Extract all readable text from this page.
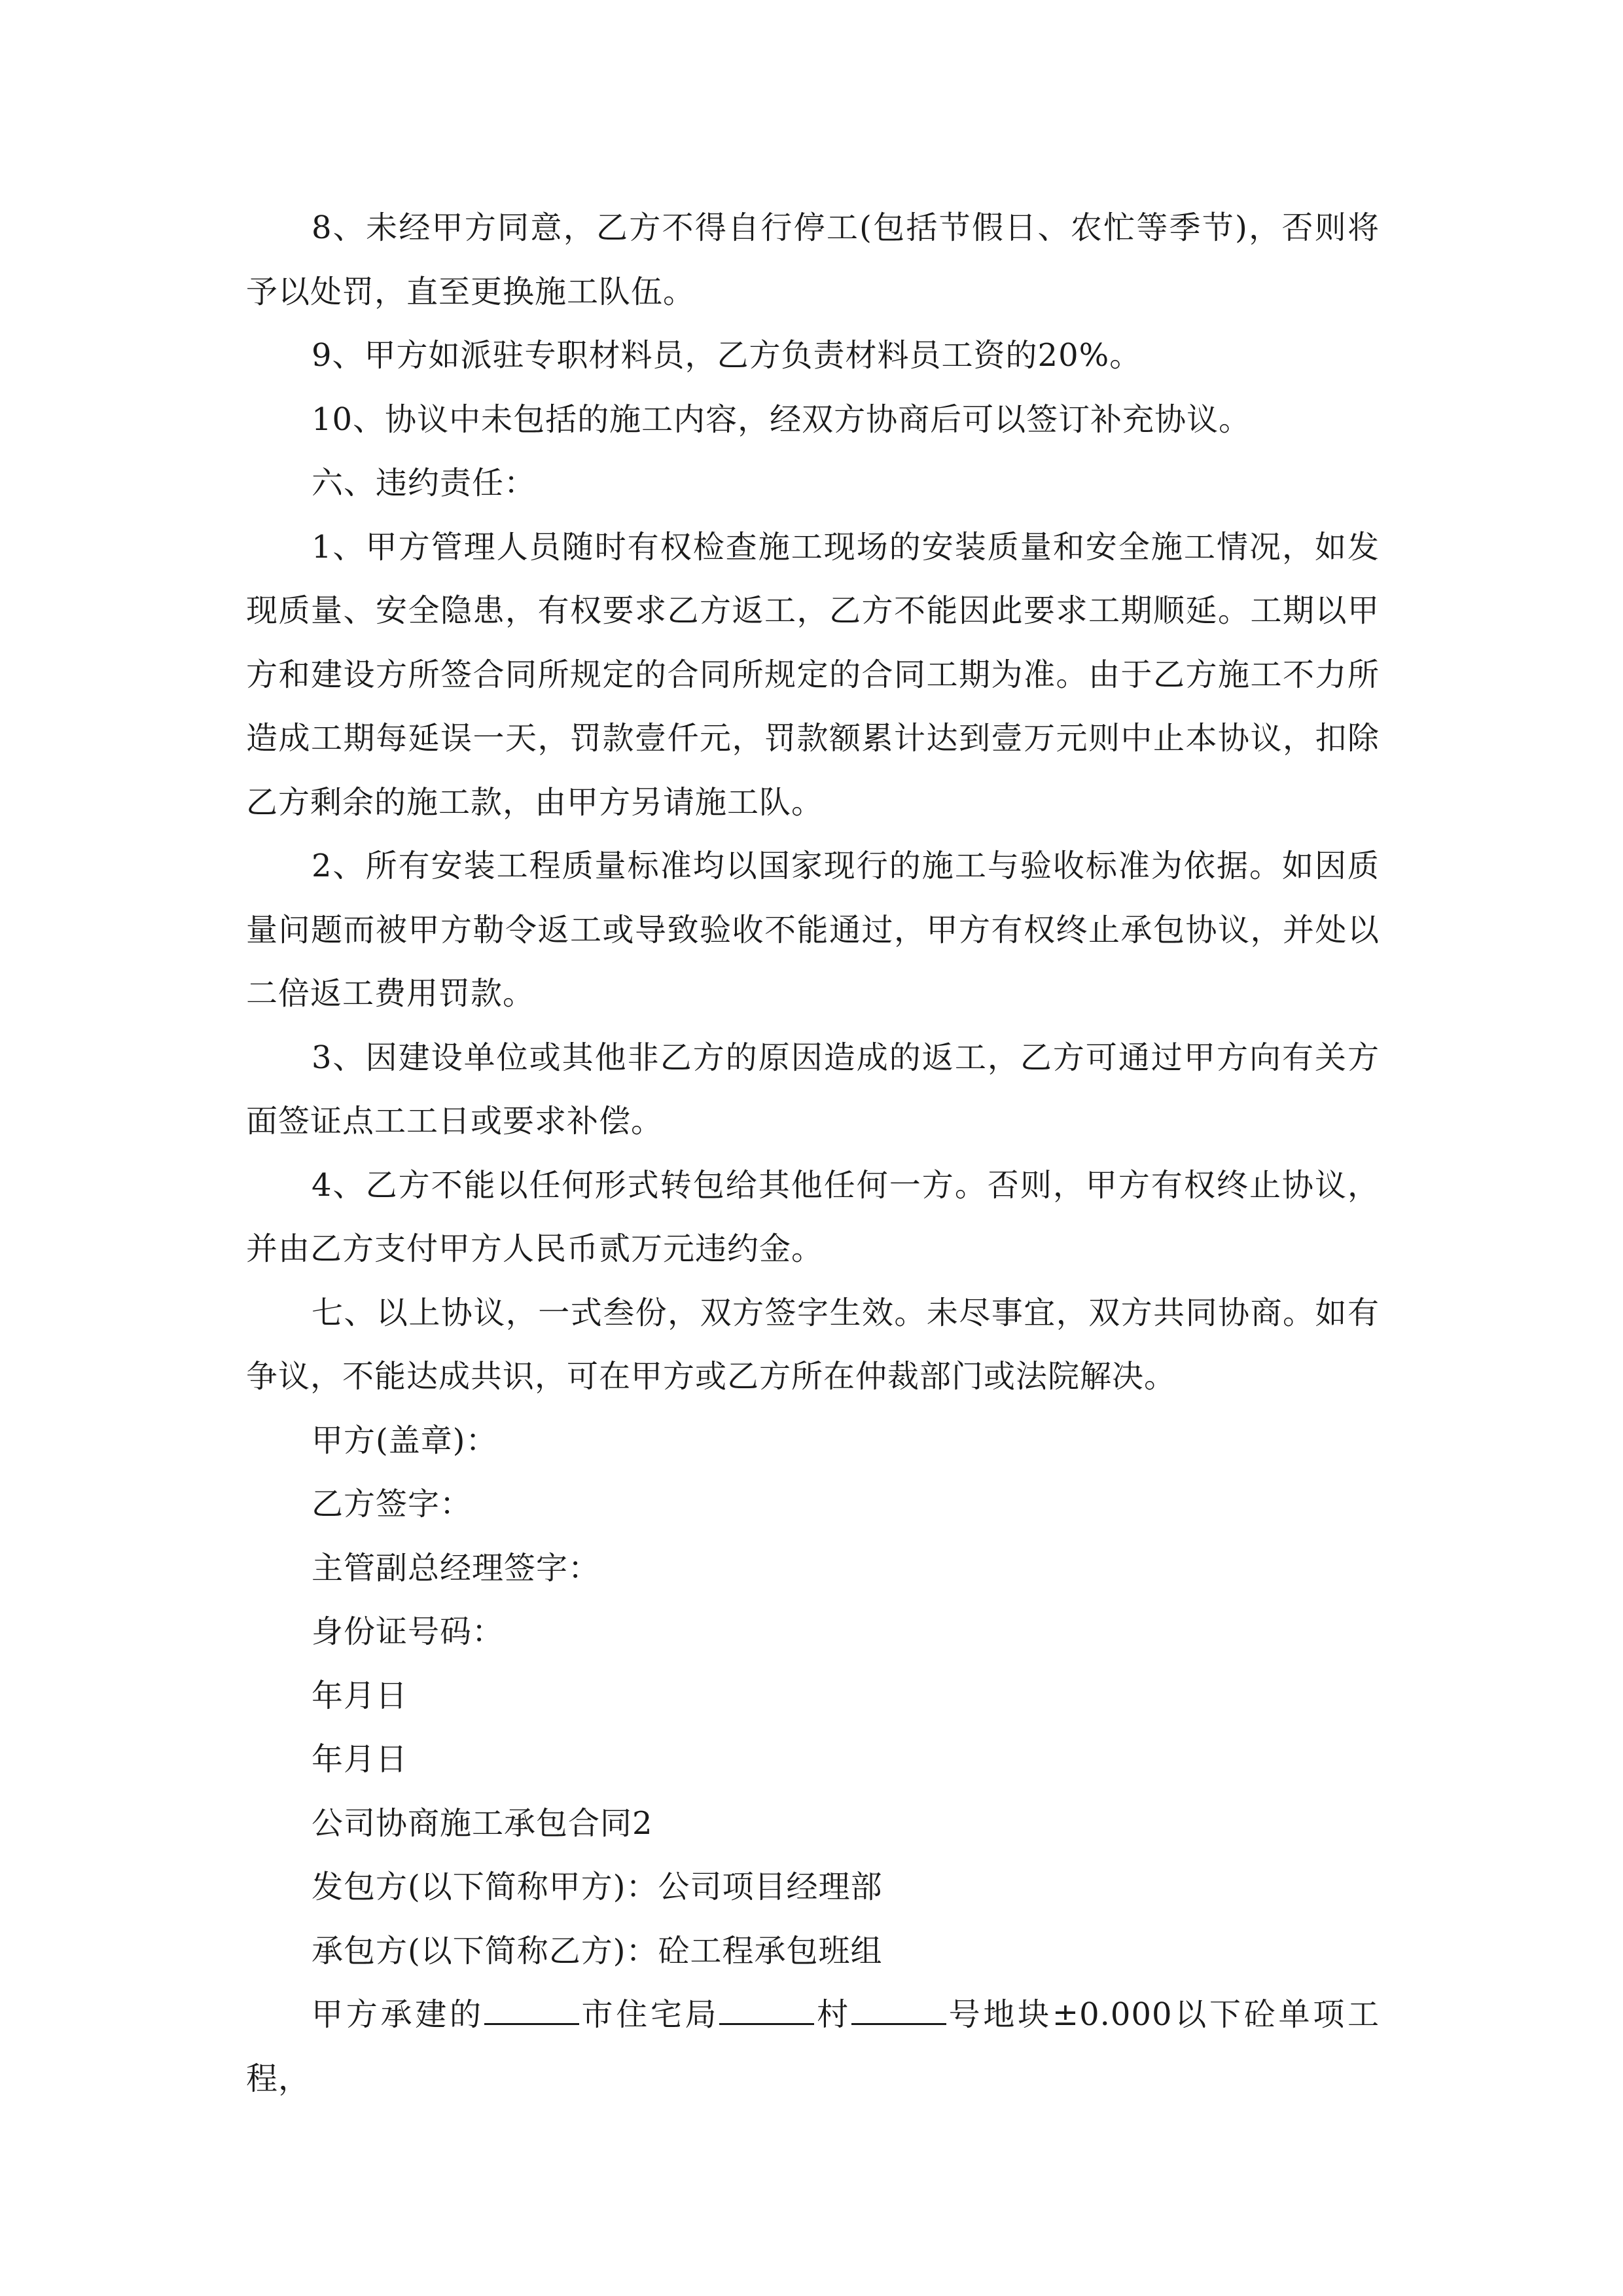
8、未经甲方同意，乙方不得自行停工(包括节假日、农忙等季节)，否则将予以处罚，直至更换施工队伍。

9、甲方如派驻专职材料员，乙方负责材料员工资的20%。

10、协议中未包括的施工内容，经双方协商后可以签订补充协议。

六、违约责任：

1、甲方管理人员随时有权检查施工现场的安装质量和安全施工情况，如发现质量、安全隐患，有权要求乙方返工，乙方不能因此要求工期顺延。工期以甲方和建设方所签合同所规定的合同所规定的合同工期为准。由于乙方施工不力所造成工期每延误一天，罚款壹仟元，罚款额累计达到壹万元则中止本协议，扣除乙方剩余的施工款，由甲方另请施工队。

2、所有安装工程质量标准均以国家现行的施工与验收标准为依据。如因质量问题而被甲方勒令返工或导致验收不能通过，甲方有权终止承包协议，并处以二倍返工费用罚款。

3、因建设单位或其他非乙方的原因造成的返工，乙方可通过甲方向有关方面签证点工工日或要求补偿。

4、乙方不能以任何形式转包给其他任何一方。否则，甲方有权终止协议，并由乙方支付甲方人民币贰万元违约金。

七、以上协议，一式叁份，双方签字生效。未尽事宜，双方共同协商。如有争议，不能达成共识，可在甲方或乙方所在仲裁部门或法院解决。

甲方(盖章)：

乙方签字：

主管副总经理签字：

身份证号码：

年月日

年月日

公司协商施工承包合同2

发包方(以下简称甲方)：公司项目经理部

承包方(以下简称乙方)：砼工程承包班组

甲方承建的	市住宅局	村	号地块±0.000以下砼单项工程，
